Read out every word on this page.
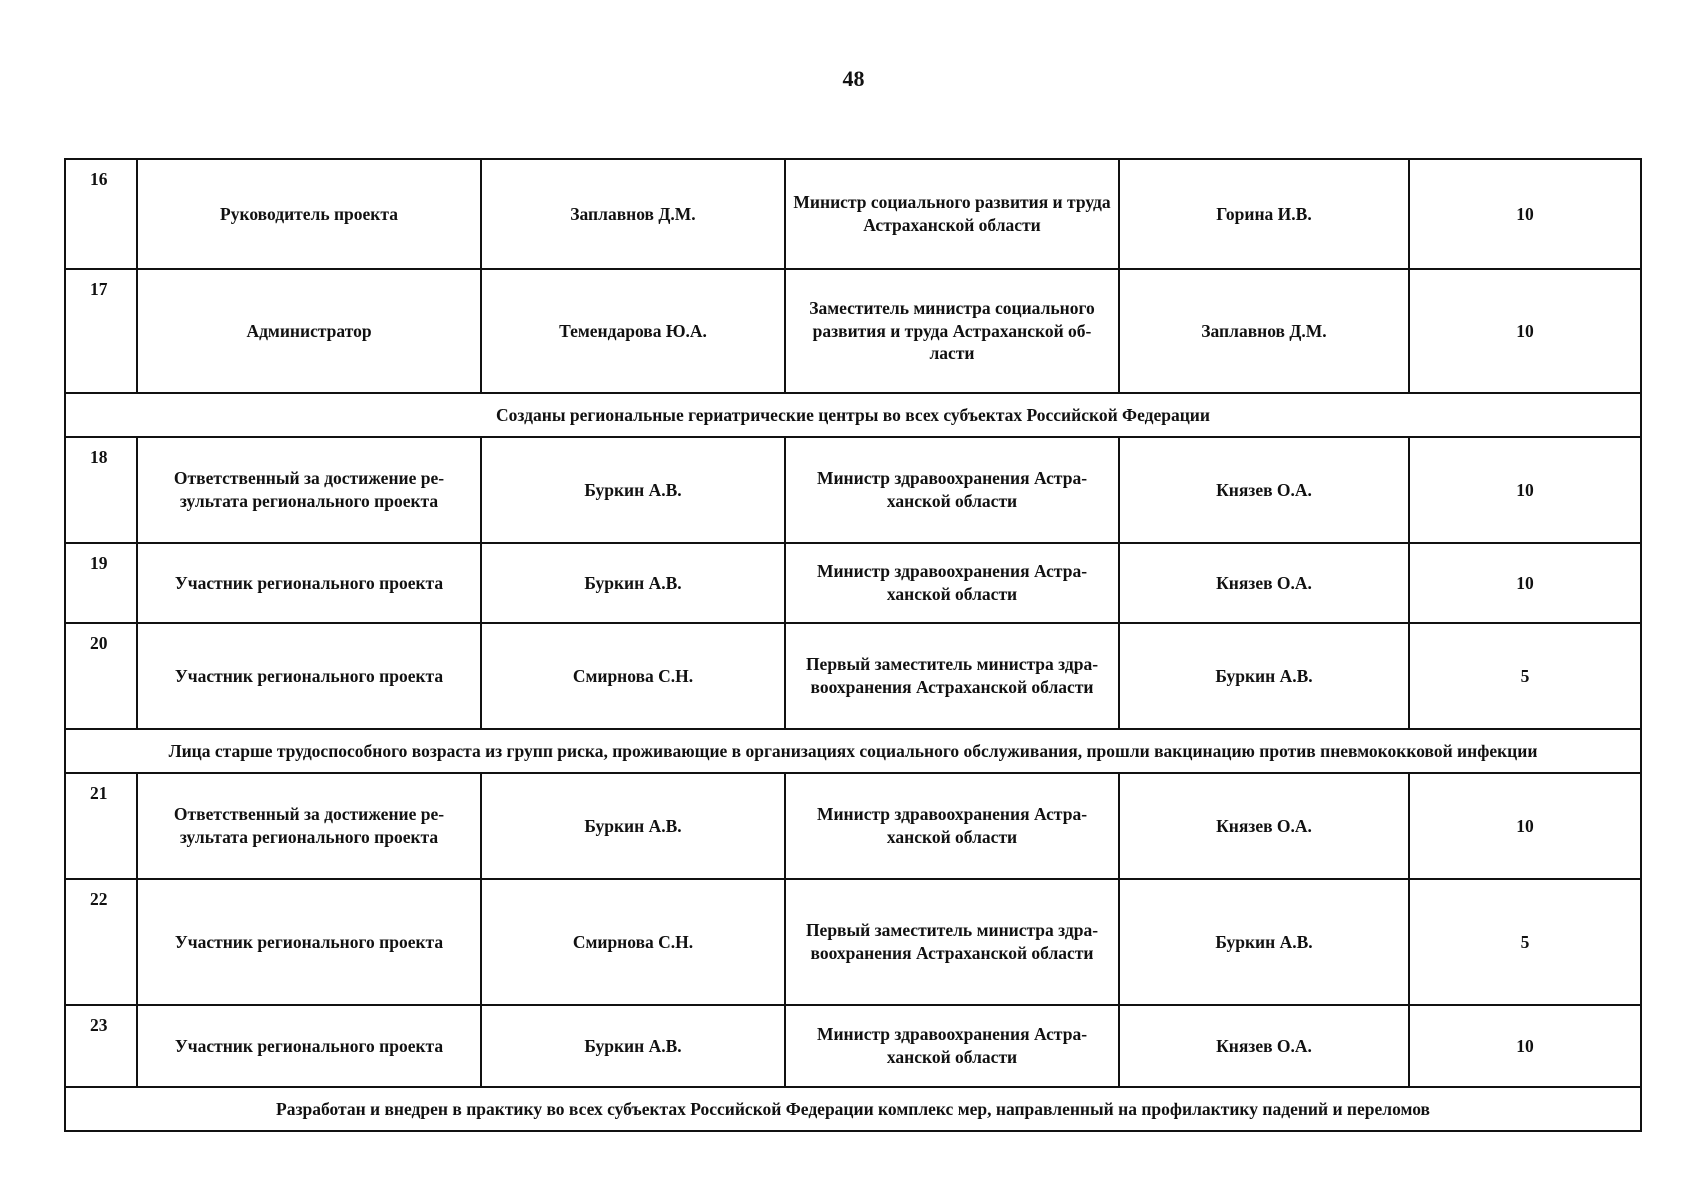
48
16	Руководитель проекта	Заплавнов Д.М.	Министр социального развития и труда Астраханской области	Горина И.В.	10
17	Администратор	Темендарова Ю.А.	Заместитель министра социального развития и труда Астраханской об-ласти	Заплавнов Д.М.	10
Созданы региональные гериатрические центры во всех субъектах Российской Федерации					
18	Ответственный за достижение ре-зультата регионального проекта	Буркин А.В.	Министр здравоохранения Астра-ханской области	Князев О.А.	10
19	Участник регионального проекта	Буркин А.В.	Министр здравоохранения Астра-ханской области	Князев О.А.	10
20	Участник регионального проекта	Смирнова С.Н.	Первый заместитель министра здра-воохранения Астраханской области	Буркин А.В.	5
Лица старше трудоспособного возраста из групп риска, проживающие в организациях социального обслуживания, прошли вакцинацию против пневмококковой инфекции					
21	Ответственный за достижение ре-зультата регионального проекта	Буркин А.В.	Министр здравоохранения Астра-ханской области	Князев О.А.	10
22	Участник регионального проекта	Смирнова С.Н.	Первый заместитель министра здра-воохранения Астраханской области	Буркин А.В.	5
23	Участник регионального проекта	Буркин А.В.	Министр здравоохранения Астра-ханской области	Князев О.А.	10
Разработан и внедрен в практику во всех субъектах Российской Федерации комплекс мер, направленный на профилактику падений и переломов					
